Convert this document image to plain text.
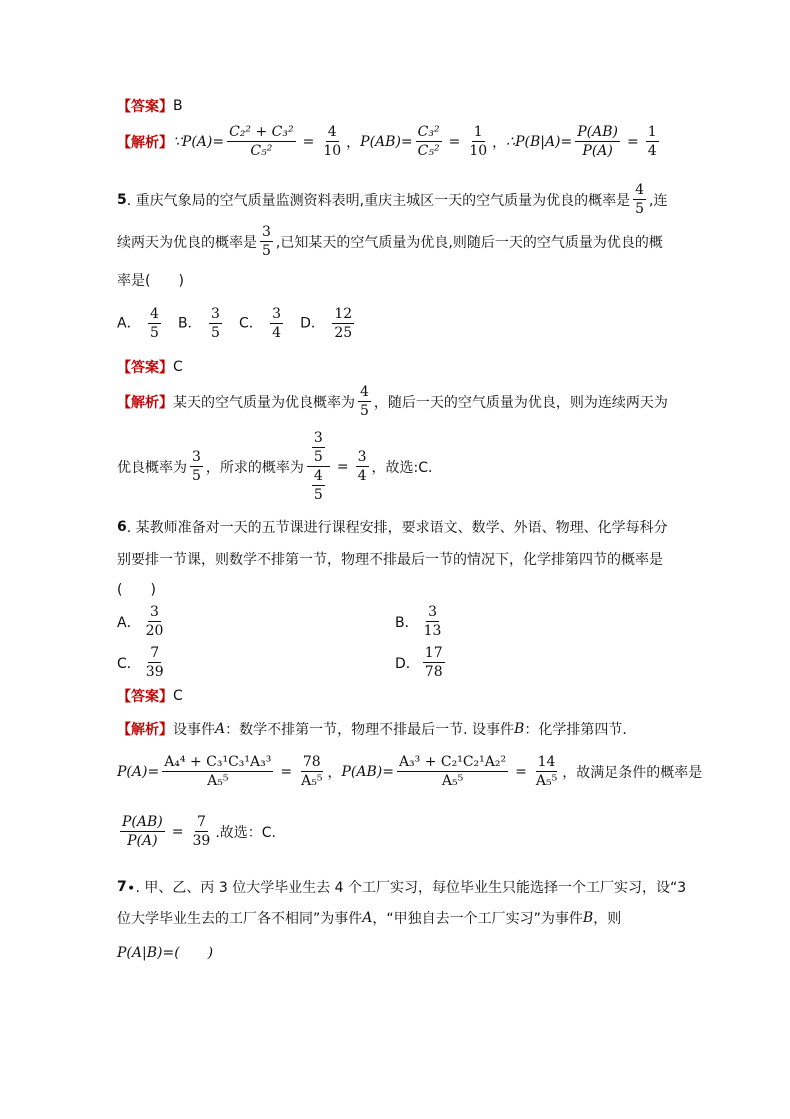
【答案】 B
【解析】 ∵P(A)= $\frac{\text{C₂² + C₃²}}{\text{C₅²}} = \frac{4}{10}$ ， $P(AB)= \frac{\text{C₃²}}{\text{C₅²}} = \frac{1}{10}$ ， ∴P(B|A)= $\frac{P(AB)}{P(A)} = \frac{1}{4}$
5 . 重庆气象局的空气质量监测资料表明,重庆主城区一天的空气质量为优良的概率是 $\frac{4}{5}$ ,连
续两天为优良的概率是 $\frac{3}{5}$ ,已知某天的空气质量为优良,则随后一天的空气质量为优良的概
率是(　　)
A． $\frac{4}{5}$ B． $\frac{3}{5}$ C． $\frac{3}{4}$ D． $\frac{12}{25}$
【答案】 C
【解析】 某天的空气质量为优良概率为 $\frac{4}{5}$ ，随后一天的空气质量为优良，则为连续两天为
优良概率为 $\frac{3}{5}$ ，所求的概率为 $\frac{\frac{3}{5}}{\frac{4}{5}} = \frac{3}{4}$ ，故选:C.
6 . 某教师准备对一天的五节课进行课程安排，要求语文、数学、外语、物理、化学每科分
别要排一节课，则数学不排第一节，物理不排最后一节的情况下，化学排第四节的概率是
(　　)
A． $\frac{3}{20}$	B． $\frac{3}{13}$
C． $\frac{7}{39}$	D． $\frac{17}{78}$
【答案】 C
【解析】 设事件 A ：数学不排第一节，物理不排最后一节. 设事件 B ：化学排第四节.
$P(A)= \frac{\text{A₄⁴ + C₃¹C₃¹A₃³}}{\text{A₅⁵}} = \frac{78}{\text{A₅⁵}}$ ， $P(AB)= \frac{\text{A₃³ + C₂¹C₂¹A₂²}}{\text{A₅⁵}} = \frac{14}{\text{A₅⁵}}$ ，故满足条件的概率是
$\frac{P(AB)}{P(A)} = \frac{7}{39}$ .故选：C.
7 ∙. 甲、乙、丙 3 位大学毕业生去 4 个工厂实习，每位毕业生只能选择一个工厂实习，设“3
位大学毕业生去的工厂各不相同”为事件 A ，“甲独自去一个工厂实习”为事件 B ，则
P(A|B)=(　　)
